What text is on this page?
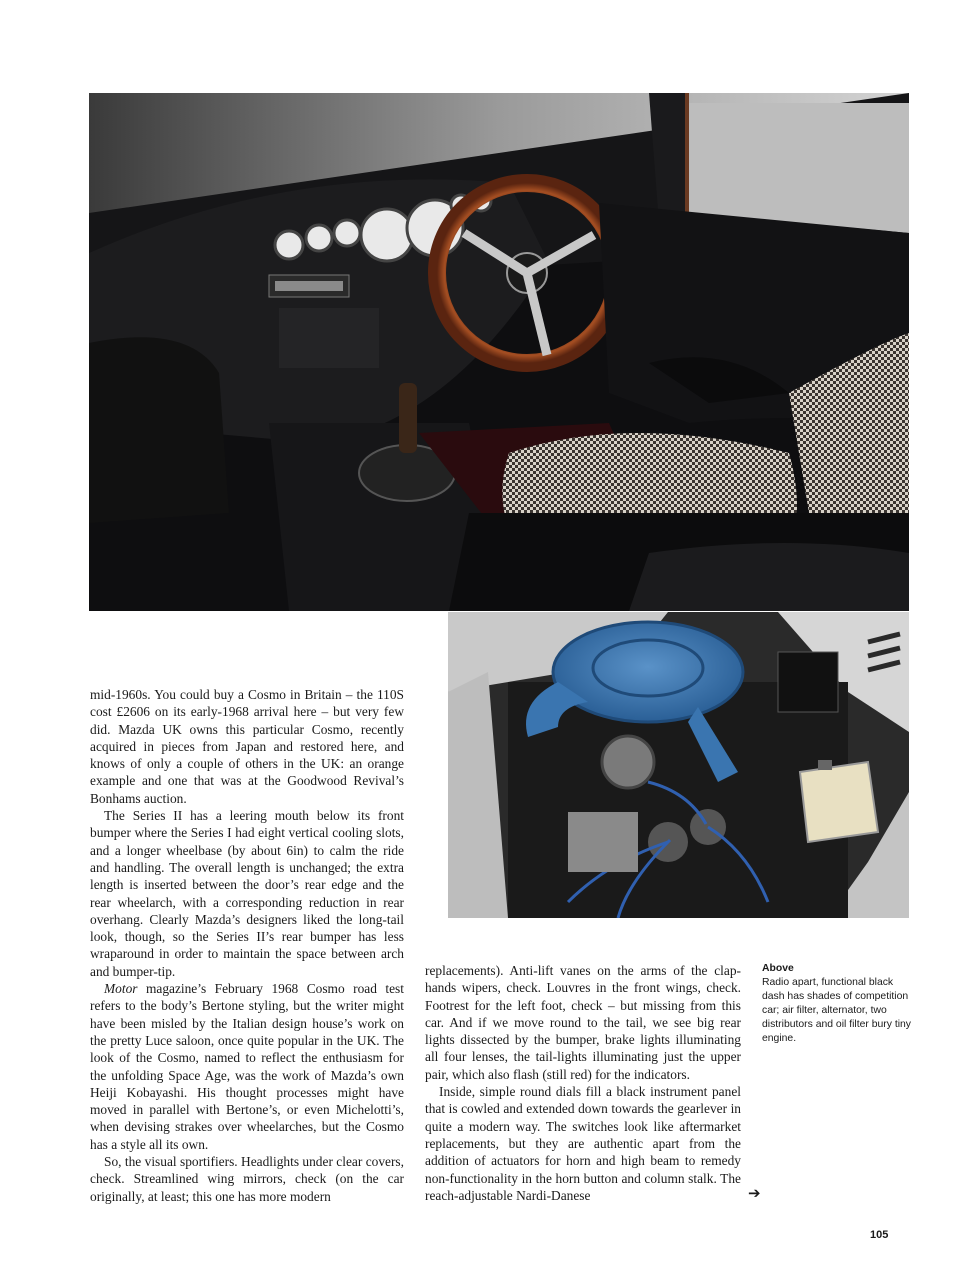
mid-1960s. You could buy a Cosmo in Britain – the 110S cost £2606 on its early-1968 arrival here – but very few did. Mazda UK owns this particular Cosmo, recently acquired in pieces from Japan and restored here, and knows of only a couple of others in the UK: an orange example and one that was at the Goodwood Revival’s Bonhams auction.

The Series II has a leering mouth below its front bumper where the Series I had eight vertical cooling slots, and a longer wheelbase (by about 6in) to calm the ride and handling. The overall length is unchanged; the extra length is inserted between the door’s rear edge and the rear wheelarch, with a corresponding reduction in rear overhang. Clearly Mazda’s designers liked the long-tail look, though, so the Series II’s rear bumper has less wraparound in order to maintain the space between arch and bumper-tip.

Motor magazine’s February 1968 Cosmo road test refers to the body’s Bertone styling, but the writer might have been misled by the Italian design house’s work on the pretty Luce saloon, once quite popular in the UK. The look of the Cosmo, named to reflect the enthusiasm for the unfolding Space Age, was the work of Mazda’s own Heiji Kobayashi. His thought processes might have moved in parallel with Bertone’s, or even Michelotti’s, when devising strakes over wheelarches, but the Cosmo has a style all its own.

So, the visual sportifiers. Headlights under clear covers, check. Streamlined wing mirrors, check (on the car originally, at least; this one has more modern

replacements). Anti-lift vanes on the arms of the clap-hands wipers, check. Louvres in the front wings, check. Footrest for the left foot, check – but missing from this car. And if we move round to the tail, we see big rear lights dissected by the bumper, brake lights illuminating all four lenses, the tail-lights illuminating just the upper pair, which also flash (still red) for the indicators.

Inside, simple round dials fill a black instrument panel that is cowled and extended down towards the gearlever in quite a modern way. The switches look like aftermarket replacements, but they are authentic apart from the addition of actuators for horn and high beam to remedy non-functionality in the horn button and column stalk. The reach-adjustable Nardi-Danese

Above
Radio apart, functional black dash has shades of competition car; air filter, alternator, two distributors and oil filter bury tiny engine.
➔
105
